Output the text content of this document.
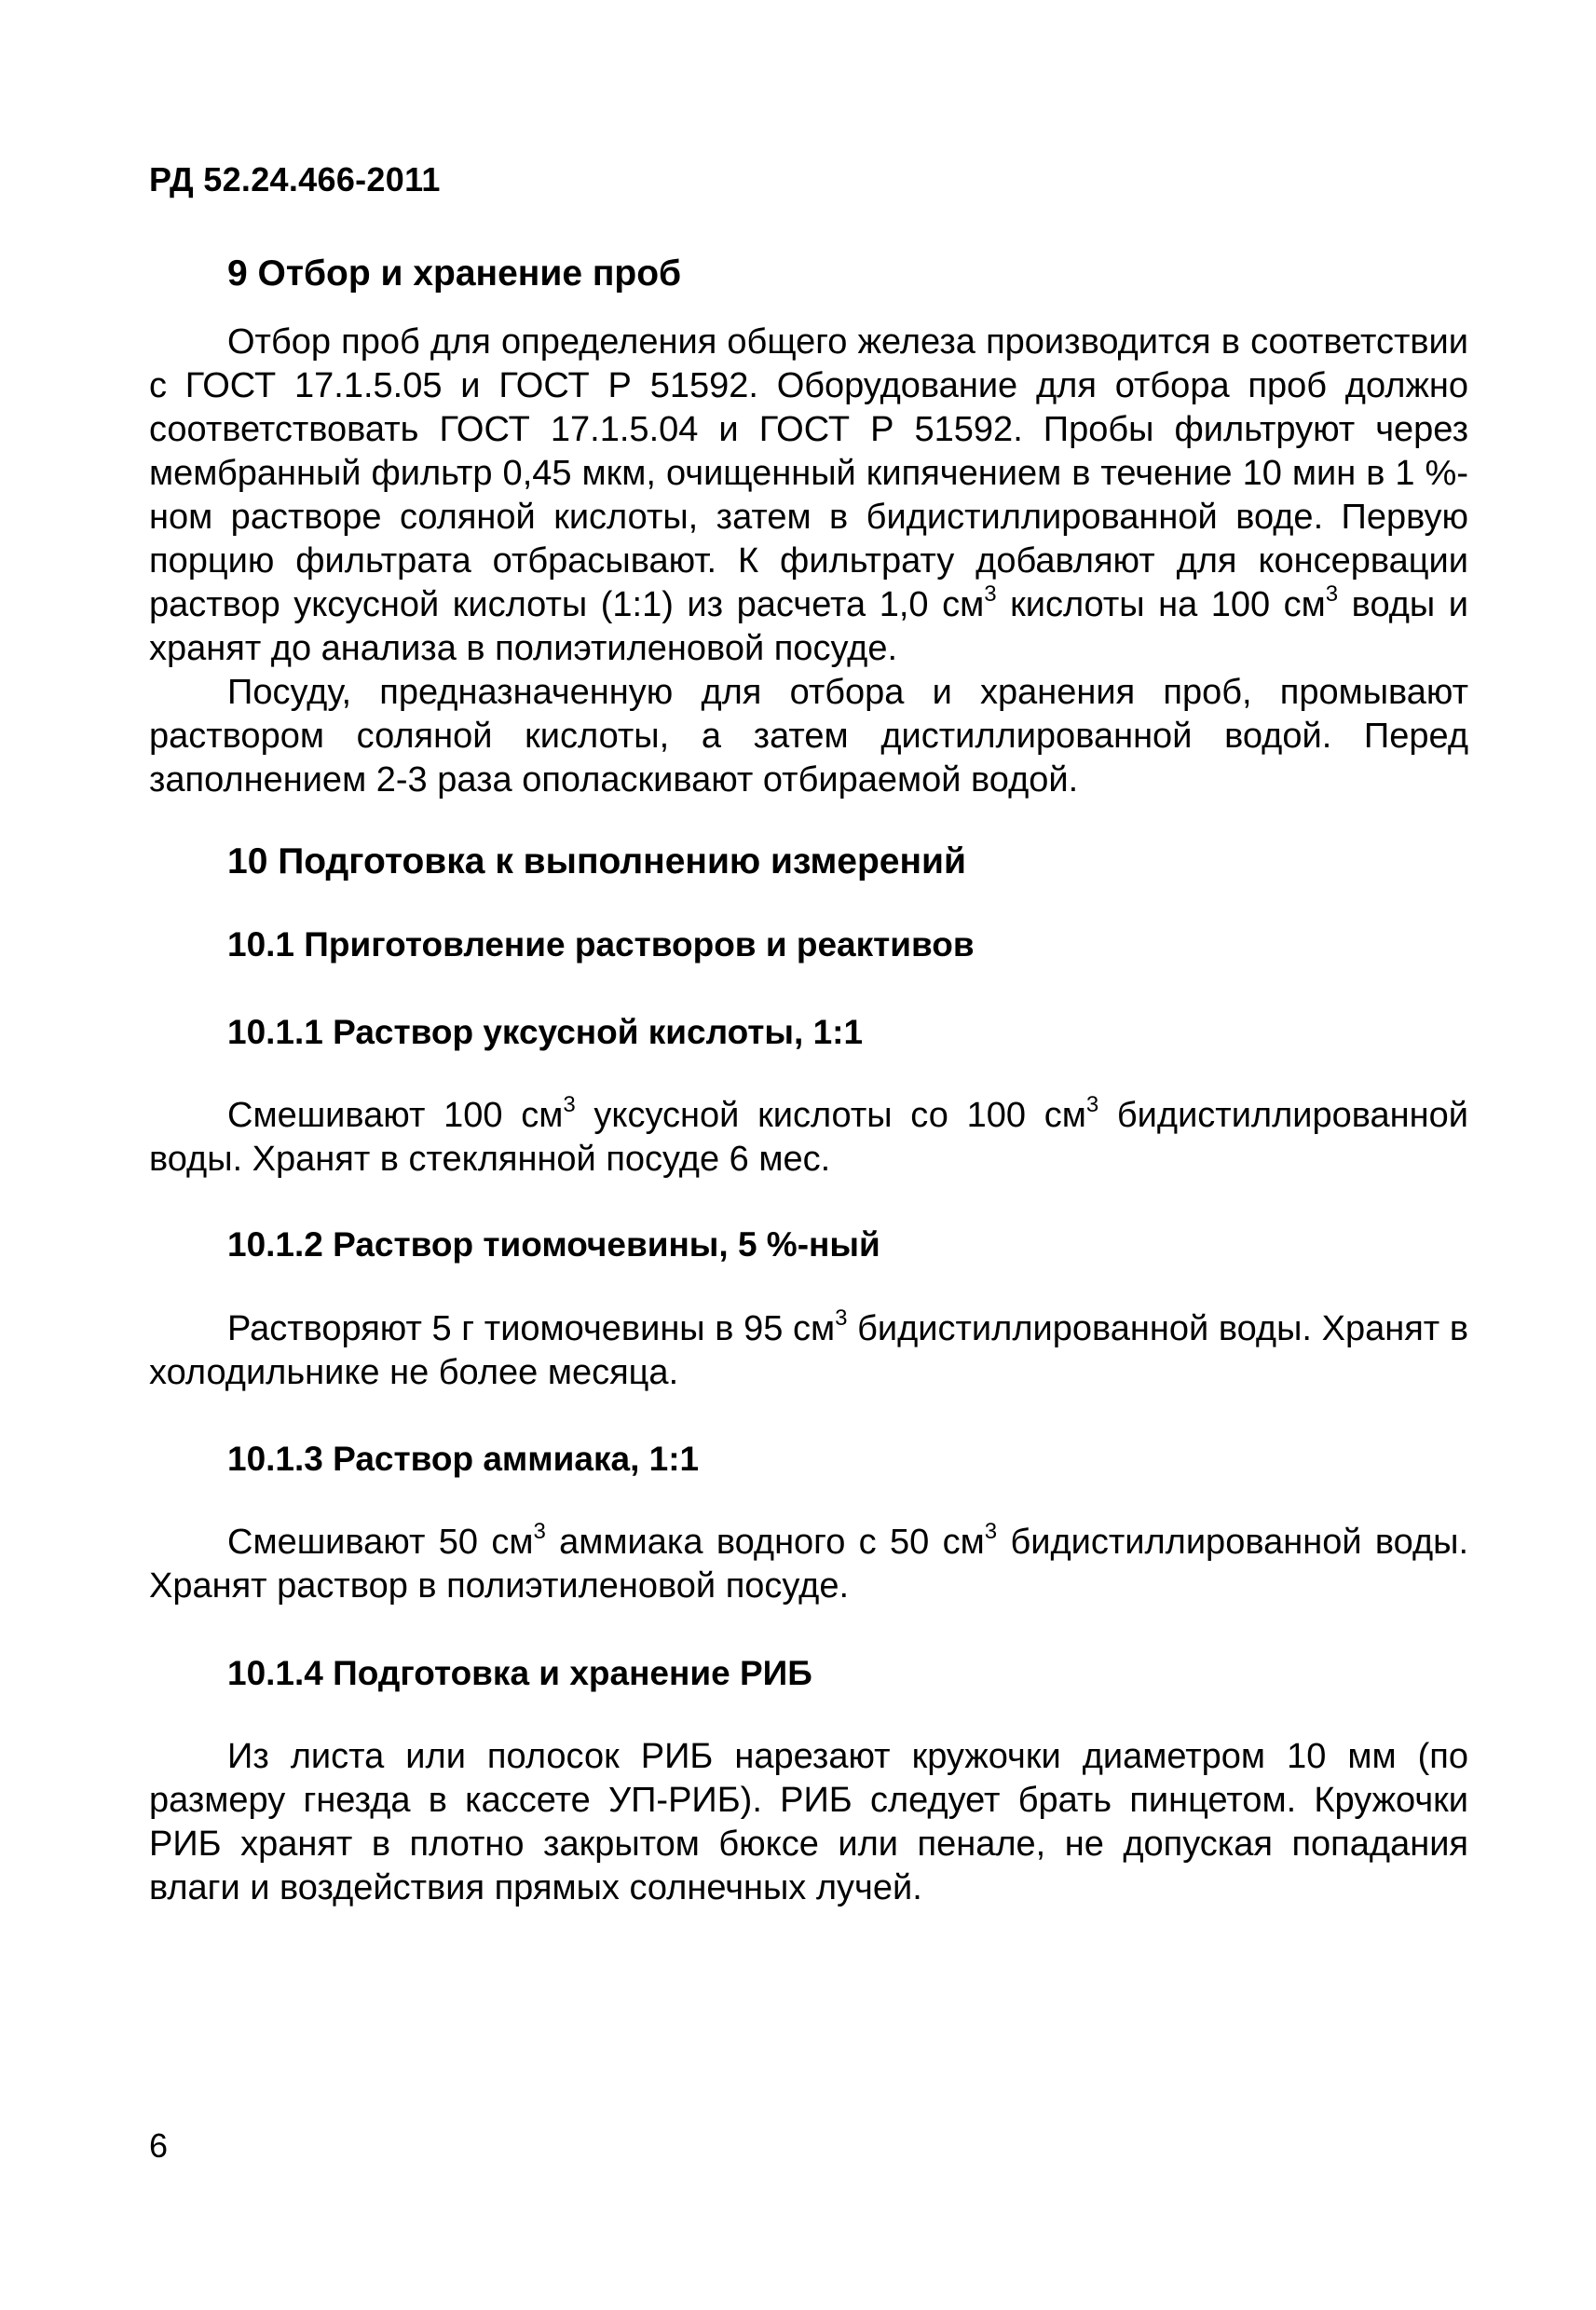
РД 52.24.466-2011
9 Отбор и хранение проб

Отбор проб для определения общего железа производится в соответствии с ГОСТ 17.1.5.05 и ГОСТ Р 51592. Оборудование для отбора проб должно соответствовать ГОСТ 17.1.5.04 и ГОСТ Р 51592. Пробы фильтруют через мембранный фильтр 0,45 мкм, очищенный кипячением в течение 10 мин в 1 %-ном растворе соляной кислоты, затем в бидистиллированной воде. Первую порцию фильтрата отбрасывают. К фильтрату добавляют для консервации раствор уксусной кислоты (1:1) из расчета 1,0 $см^3$ кислоты на 100 $см^3$ воды и хранят до анализа в полиэтиленовой посуде.

Посуду, предназначенную для отбора и хранения проб, промывают раствором соляной кислоты, а затем дистиллированной водой. Перед заполнением 2-3 раза ополаскивают отбираемой водой.

10 Подготовка к выполнению измерений
10.1 Приготовление растворов и реактивов
10.1.1 Раствор уксусной кислоты, 1:1

Смешивают 100 $см^3$ уксусной кислоты со 100 $см^3$ бидистиллированной воды. Хранят в стеклянной посуде 6 мес.

10.1.2 Раствор тиомочевины, 5 %-ный

Растворяют 5 г тиомочевины в 95 $см^3$ бидистиллированной воды. Хранят в холодильнике не более месяца.

10.1.3 Раствор аммиака, 1:1

Смешивают 50 $см^3$ аммиака водного с 50 $см^3$ бидистиллированной воды. Хранят раствор в полиэтиленовой посуде.

10.1.4 Подготовка и хранение РИБ

Из листа или полосок РИБ нарезают кружочки диаметром 10 мм (по размеру гнезда в кассете УП-РИБ). РИБ следует брать пинцетом. Кружочки РИБ хранят в плотно закрытом бюксе или пенале, не допуская попадания влаги и воздействия прямых солнечных лучей.

6
